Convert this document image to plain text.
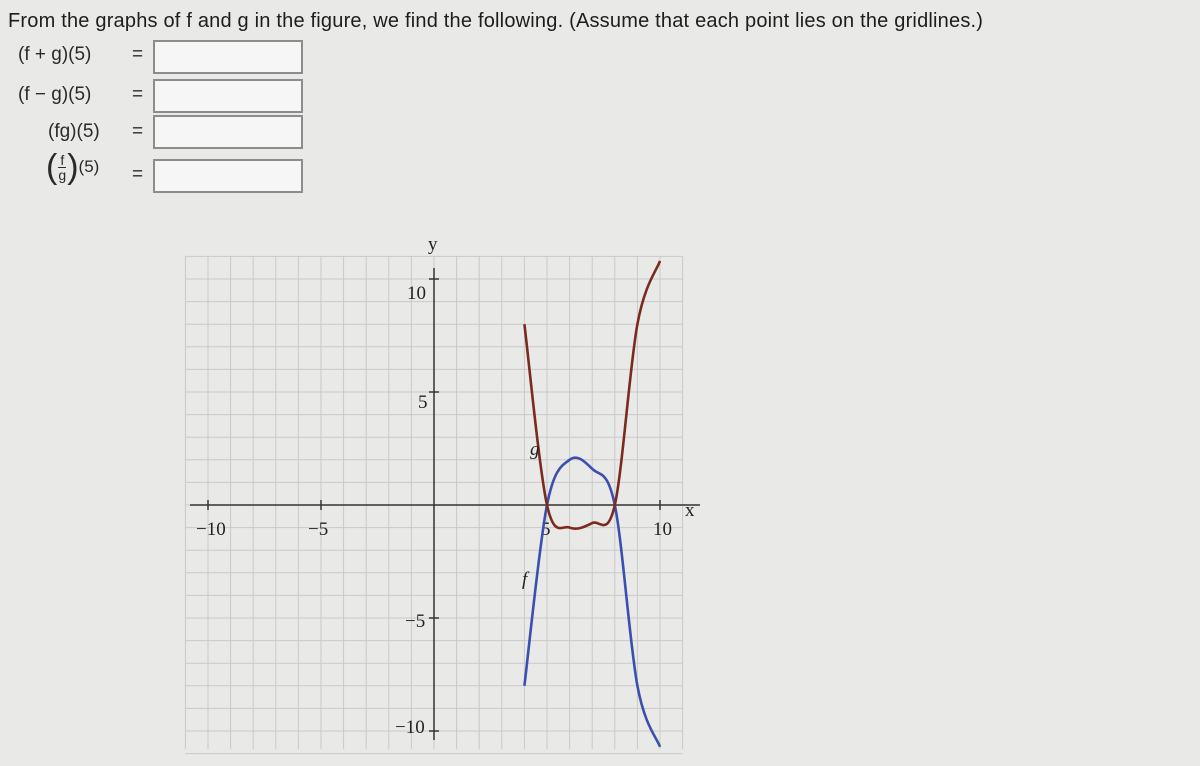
From the graphs of f and g in the figure, we find the following. (Assume that each point lies on the gridlines.)
(f + g)(5) =
(f − g)(5) =
(fg)(5) =
( $\frac{f}{g}$ ) (5) =
−10	−5	5	10
10
5
−5
−10
y
x
g
f
